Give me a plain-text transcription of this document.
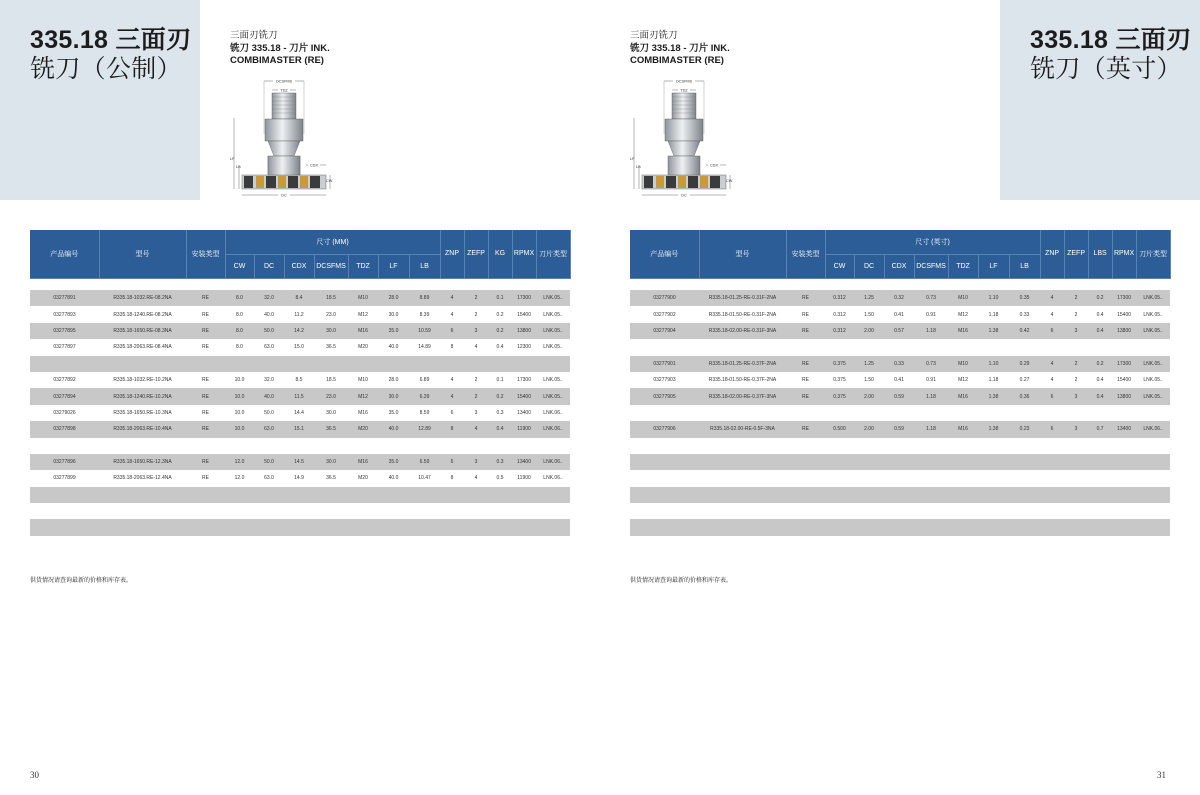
335.18 三面刃
铣刀（公制）
三面刃铣刀
铣刀 335.18 - 刀片 INK.
COMBIMASTER (RE)
DCSFMS
TDZ
LF
LB	CDX
CW
DC
产品编号	型号	安装类型	尺寸 (MM)							ZNP	ZEFP	KG	RPMX	刀片类型
			CW	DC	CDX	DCSFMS	TDZ	LF	LB					

03277891	R335.18-1032.RE-08.2NA	RE	8.0	32.0	8.4	18.5	M10	28.0	8.89	4	2	0.1	17300	LNK.05..
03277893	R335.18-1240.RE-08.2NA	RE	8.0	40.0	11.2	23.0	M12	30.0	8.39	4	2	0.2	15400	LNK.05..
03277895	R335.18-1650.RE-08.3NA	RE	8.0	50.0	14.2	30.0	M16	35.0	10.59	6	3	0.2	13800	LNK.05..
03277897	R335.18-2063.RE-08.4NA	RE	8.0	63.0	15.0	36.5	M20	40.0	14.89	8	4	0.4	12300	LNK.05..

03277892	R335.18-1032.RE-10.2NA	RE	10.0	32.0	8.5	18.5	M10	28.0	6.89	4	2	0.1	17300	LNK.05..
03277894	R335.18-1240.RE-10.2NA	RE	10.0	40.0	11.5	23.0	M12	30.0	6.39	4	2	0.2	15400	LNK.05..
03279026	R335.18-1650.RE-10.3NA	RE	10.0	50.0	14.4	30.0	M16	35.0	8.59	6	3	0.3	13400	LNK.06..
03277898	R335.18-2063.RE-10.4NA	RE	10.0	63.0	15.1	36.5	M20	40.0	12.89	8	4	0.4	11900	LNK.06..

03277896	R335.18-1650.RE-12.3NA	RE	12.0	50.0	14.5	30.0	M16	35.0	6.59	6	3	0.3	13400	LNK.06..
03277899	R335.18-2063.RE-12.4NA	RE	12.0	63.0	14.9	36.5	M20	40.0	10.47	8	4	0.5	11900	LNK.06..

供货情况请查询最新的价格和库存表。
30
335.18 三面刃
铣刀（英寸）
三面刃铣刀
铣刀 335.18 - 刀片 INK.
COMBIMASTER (RE)
DCSFMS
TDZ
LF
LB	CDX
CW
DC
产品编号	型号	安装类型	尺寸 (英寸)							ZNP	ZEFP	LBS	RPMX	刀片类型
			CW	DC	CDX	DCSFMS	TDZ	LF	LB					

03277900	R335.18-01.25-RE-0.31F-2NA	RE	0.312	1.25	0.32	0.73	M10	1.10	0.35	4	2	0.2	17300	LNK.05..
03277902	R335.18-01.50-RE-0.31F-2NA	RE	0.312	1.50	0.41	0.91	M12	1.18	0.33	4	2	0.4	15400	LNK.05..
03277904	R335.18-02.00-RE-0.31F-3NA	RE	0.312	2.00	0.57	1.18	M16	1.38	0.42	6	3	0.4	13800	LNK.05..

03277901	R335.18-01.25-RE-0.37F-2NA	RE	0.375	1.25	0.33	0.73	M10	1.10	0.29	4	2	0.2	17300	LNK.05..
03277903	R335.18-01.50-RE-0.37F-2NA	RE	0.375	1.50	0.41	0.91	M12	1.18	0.27	4	2	0.4	15400	LNK.05..
03277905	R335.18-02.00-RE-0.37F-3NA	RE	0.375	2.00	0.59	1.18	M16	1.38	0.36	6	3	0.4	13800	LNK.05..

03277906	R335.18-02.00-RE-0.5F-3NA	RE	0.500	2.00	0.59	1.18	M16	1.38	0.23	6	3	0.7	13400	LNK.06..

供货情况请查询最新的价格和库存表。
31
